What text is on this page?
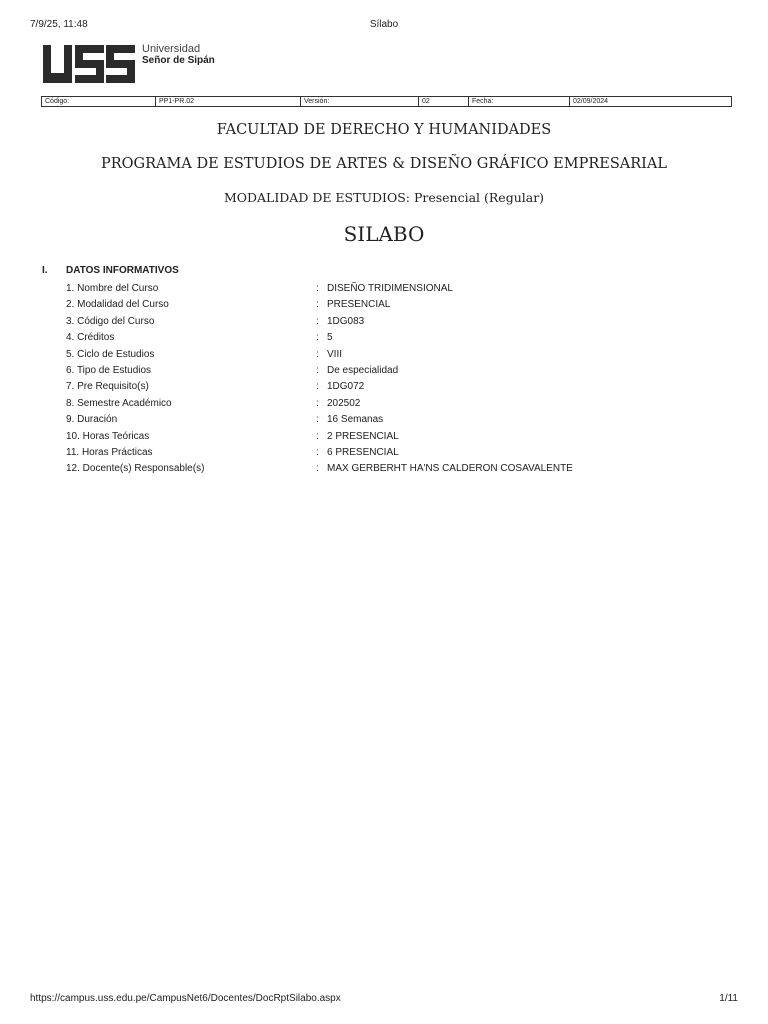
7/9/25, 11:48	Sílabo
Universidad
Señor de Sipán
Código:	PP1-PR.02	Versión:	02	Fecha:	02/09/2024
FACULTAD DE DERECHO Y HUMANIDADES
PROGRAMA DE ESTUDIOS DE ARTES & DISEÑO GRÁFICO EMPRESARIAL
MODALIDAD DE ESTUDIOS: Presencial (Regular)
SILABO
I. DATOS INFORMATIVOS
1. Nombre del Curso	: DISEÑO TRIDIMENSIONAL
2. Modalidad del Curso	: PRESENCIAL
3. Código del Curso	: 1DG083
4. Créditos	: 5
5. Ciclo de Estudios	: VIII
6. Tipo de Estudios	: De especialidad
7. Pre Requisito(s)	: 1DG072
8. Semestre Académico	: 202502
9. Duración	: 16 Semanas
10. Horas Teóricas	: 2 PRESENCIAL
11. Horas Prácticas	: 6 PRESENCIAL
12. Docente(s) Responsable(s)	: MAX GERBERHT HA'NS CALDERON COSAVALENTE
https://campus.uss.edu.pe/CampusNet6/Docentes/DocRptSilabo.aspx	1/11
